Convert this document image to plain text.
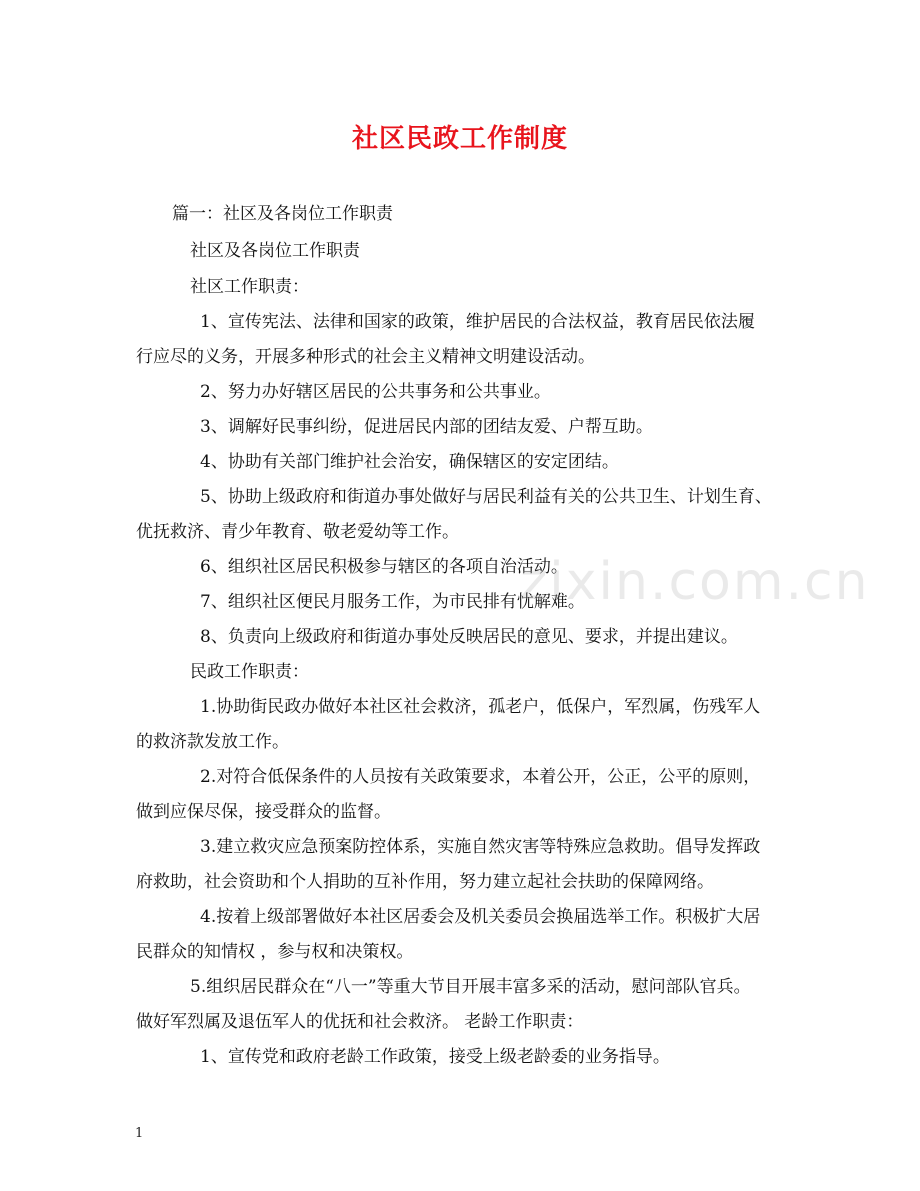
社区民政工作制度
篇一：社区及各岗位工作职责
社区及各岗位工作职责
社区工作职责：
1、宣传宪法、法律和国家的政策，维护居民的合法权益，教育居民依法履
行应尽的义务，开展多种形式的社会主义精神文明建设活动。
2、努力办好辖区居民的公共事务和公共事业。
3、调解好民事纠纷，促进居民内部的团结友爱、户帮互助。
4、协助有关部门维护社会治安，确保辖区的安定团结。
5、协助上级政府和街道办事处做好与居民利益有关的公共卫生、计划生育、
优抚救济、青少年教育、敬老爱幼等工作。
6、组织社区居民积极参与辖区的各项自治活动。
7、组织社区便民月服务工作，为市民排有忧解难。
8、负责向上级政府和街道办事处反映居民的意见、要求，并提出建议。
民政工作职责：
1.协助街民政办做好本社区社会救济，孤老户，低保户，军烈属，伤残军人
的救济款发放工作。
2.对符合低保条件的人员按有关政策要求，本着公开，公正，公平的原则，
做到应保尽保，接受群众的监督。
3.建立救灾应急预案防控体系，实施自然灾害等特殊应急救助。倡导发挥政
府救助，社会资助和个人捐助的互补作用，努力建立起社会扶助的保障网络。
4.按着上级部署做好本社区居委会及机关委员会换届选举工作。积极扩大居
民群众的知情权 ，参与权和决策权。
5.组织居民群众在“八一”等重大节目开展丰富多采的活动，慰问部队官兵。
做好军烈属及退伍军人的优抚和社会救济。 老龄工作职责：
1、宣传党和政府老龄工作政策，接受上级老龄委的业务指导。
zixin.com.cn
1
